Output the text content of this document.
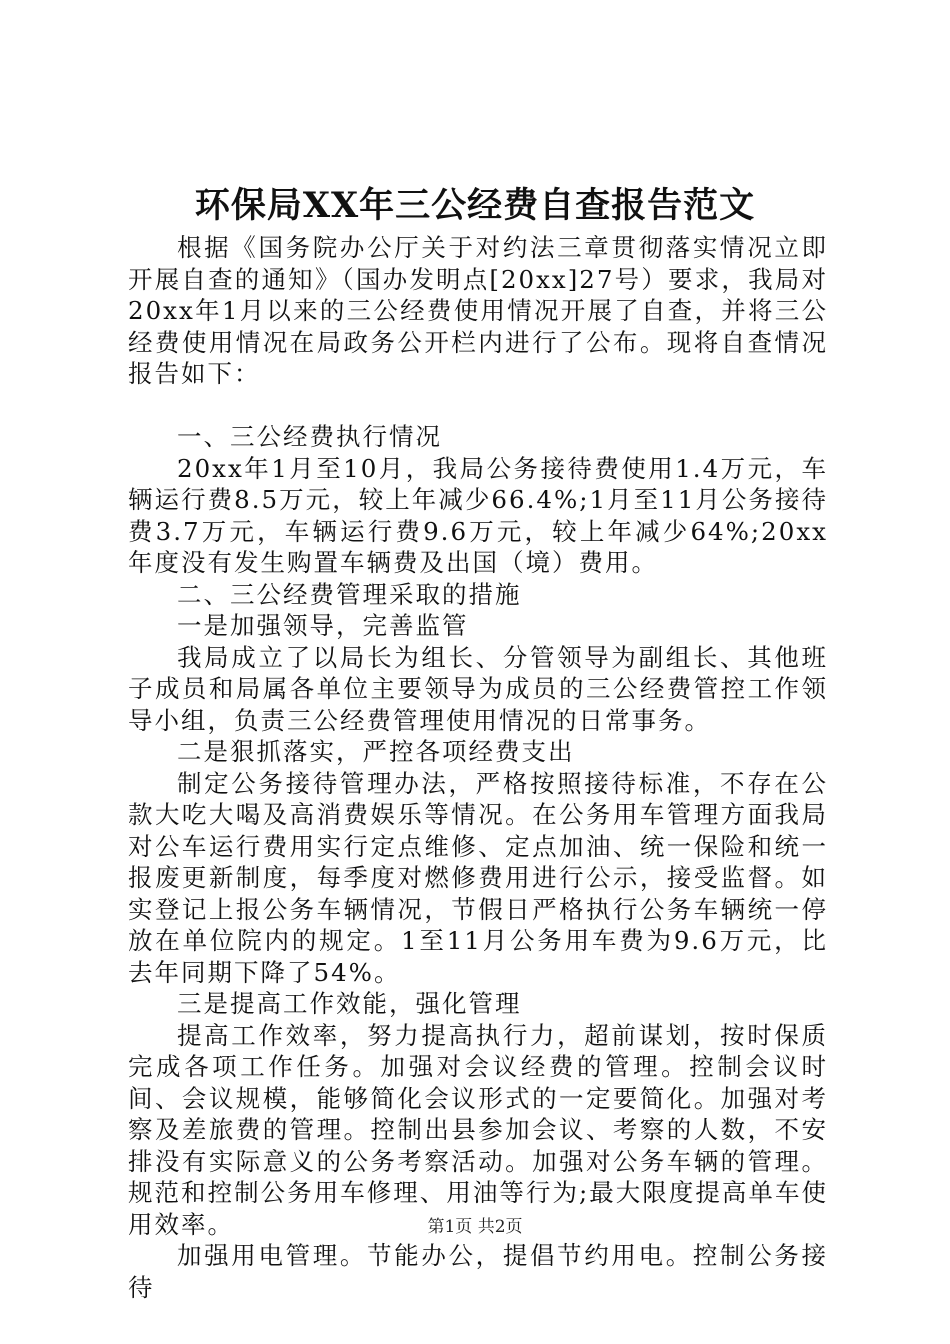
环保局XX年三公经费自查报告范文

根据《国务院办公厅关于对约法三章贯彻落实情况立即开展自查的通知》（国办发明点[20xx]27号）要求，我局对20xx年1月以来的三公经费使用情况开展了自查，并将三公经费使用情况在局政务公开栏内进行了公布。现将自查情况报告如下：

一、三公经费执行情况

20xx年1月至10月，我局公务接待费使用1.4万元，车辆运行费8.5万元，较上年减少66.4%;1月至11月公务接待费3.7万元，车辆运行费9.6万元，较上年减少64%;20xx年度没有发生购置车辆费及出国（境）费用。

二、三公经费管理采取的措施

一是加强领导，完善监管

我局成立了以局长为组长、分管领导为副组长、其他班子成员和局属各单位主要领导为成员的三公经费管控工作领导小组，负责三公经费管理使用情况的日常事务。

二是狠抓落实，严控各项经费支出

制定公务接待管理办法，严格按照接待标准，不存在公款大吃大喝及高消费娱乐等情况。在公务用车管理方面我局对公车运行费用实行定点维修、定点加油、统一保险和统一报废更新制度，每季度对燃修费用进行公示，接受监督。如实登记上报公务车辆情况，节假日严格执行公务车辆统一停放在单位院内的规定。1至11月公务用车费为9.6万元，比去年同期下降了54%。

三是提高工作效能，强化管理

提高工作效率，努力提高执行力，超前谋划，按时保质完成各项工作任务。加强对会议经费的管理。控制会议时间、会议规模，能够简化会议形式的一定要简化。加强对考察及差旅费的管理。控制出县参加会议、考察的人数，不安排没有实际意义的公务考察活动。加强对公务车辆的管理。规范和控制公务用车修理、用油等行为;最大限度提高单车使用效率。

加强用电管理。节能办公，提倡节约用电。控制公务接待

第1页 共2页
